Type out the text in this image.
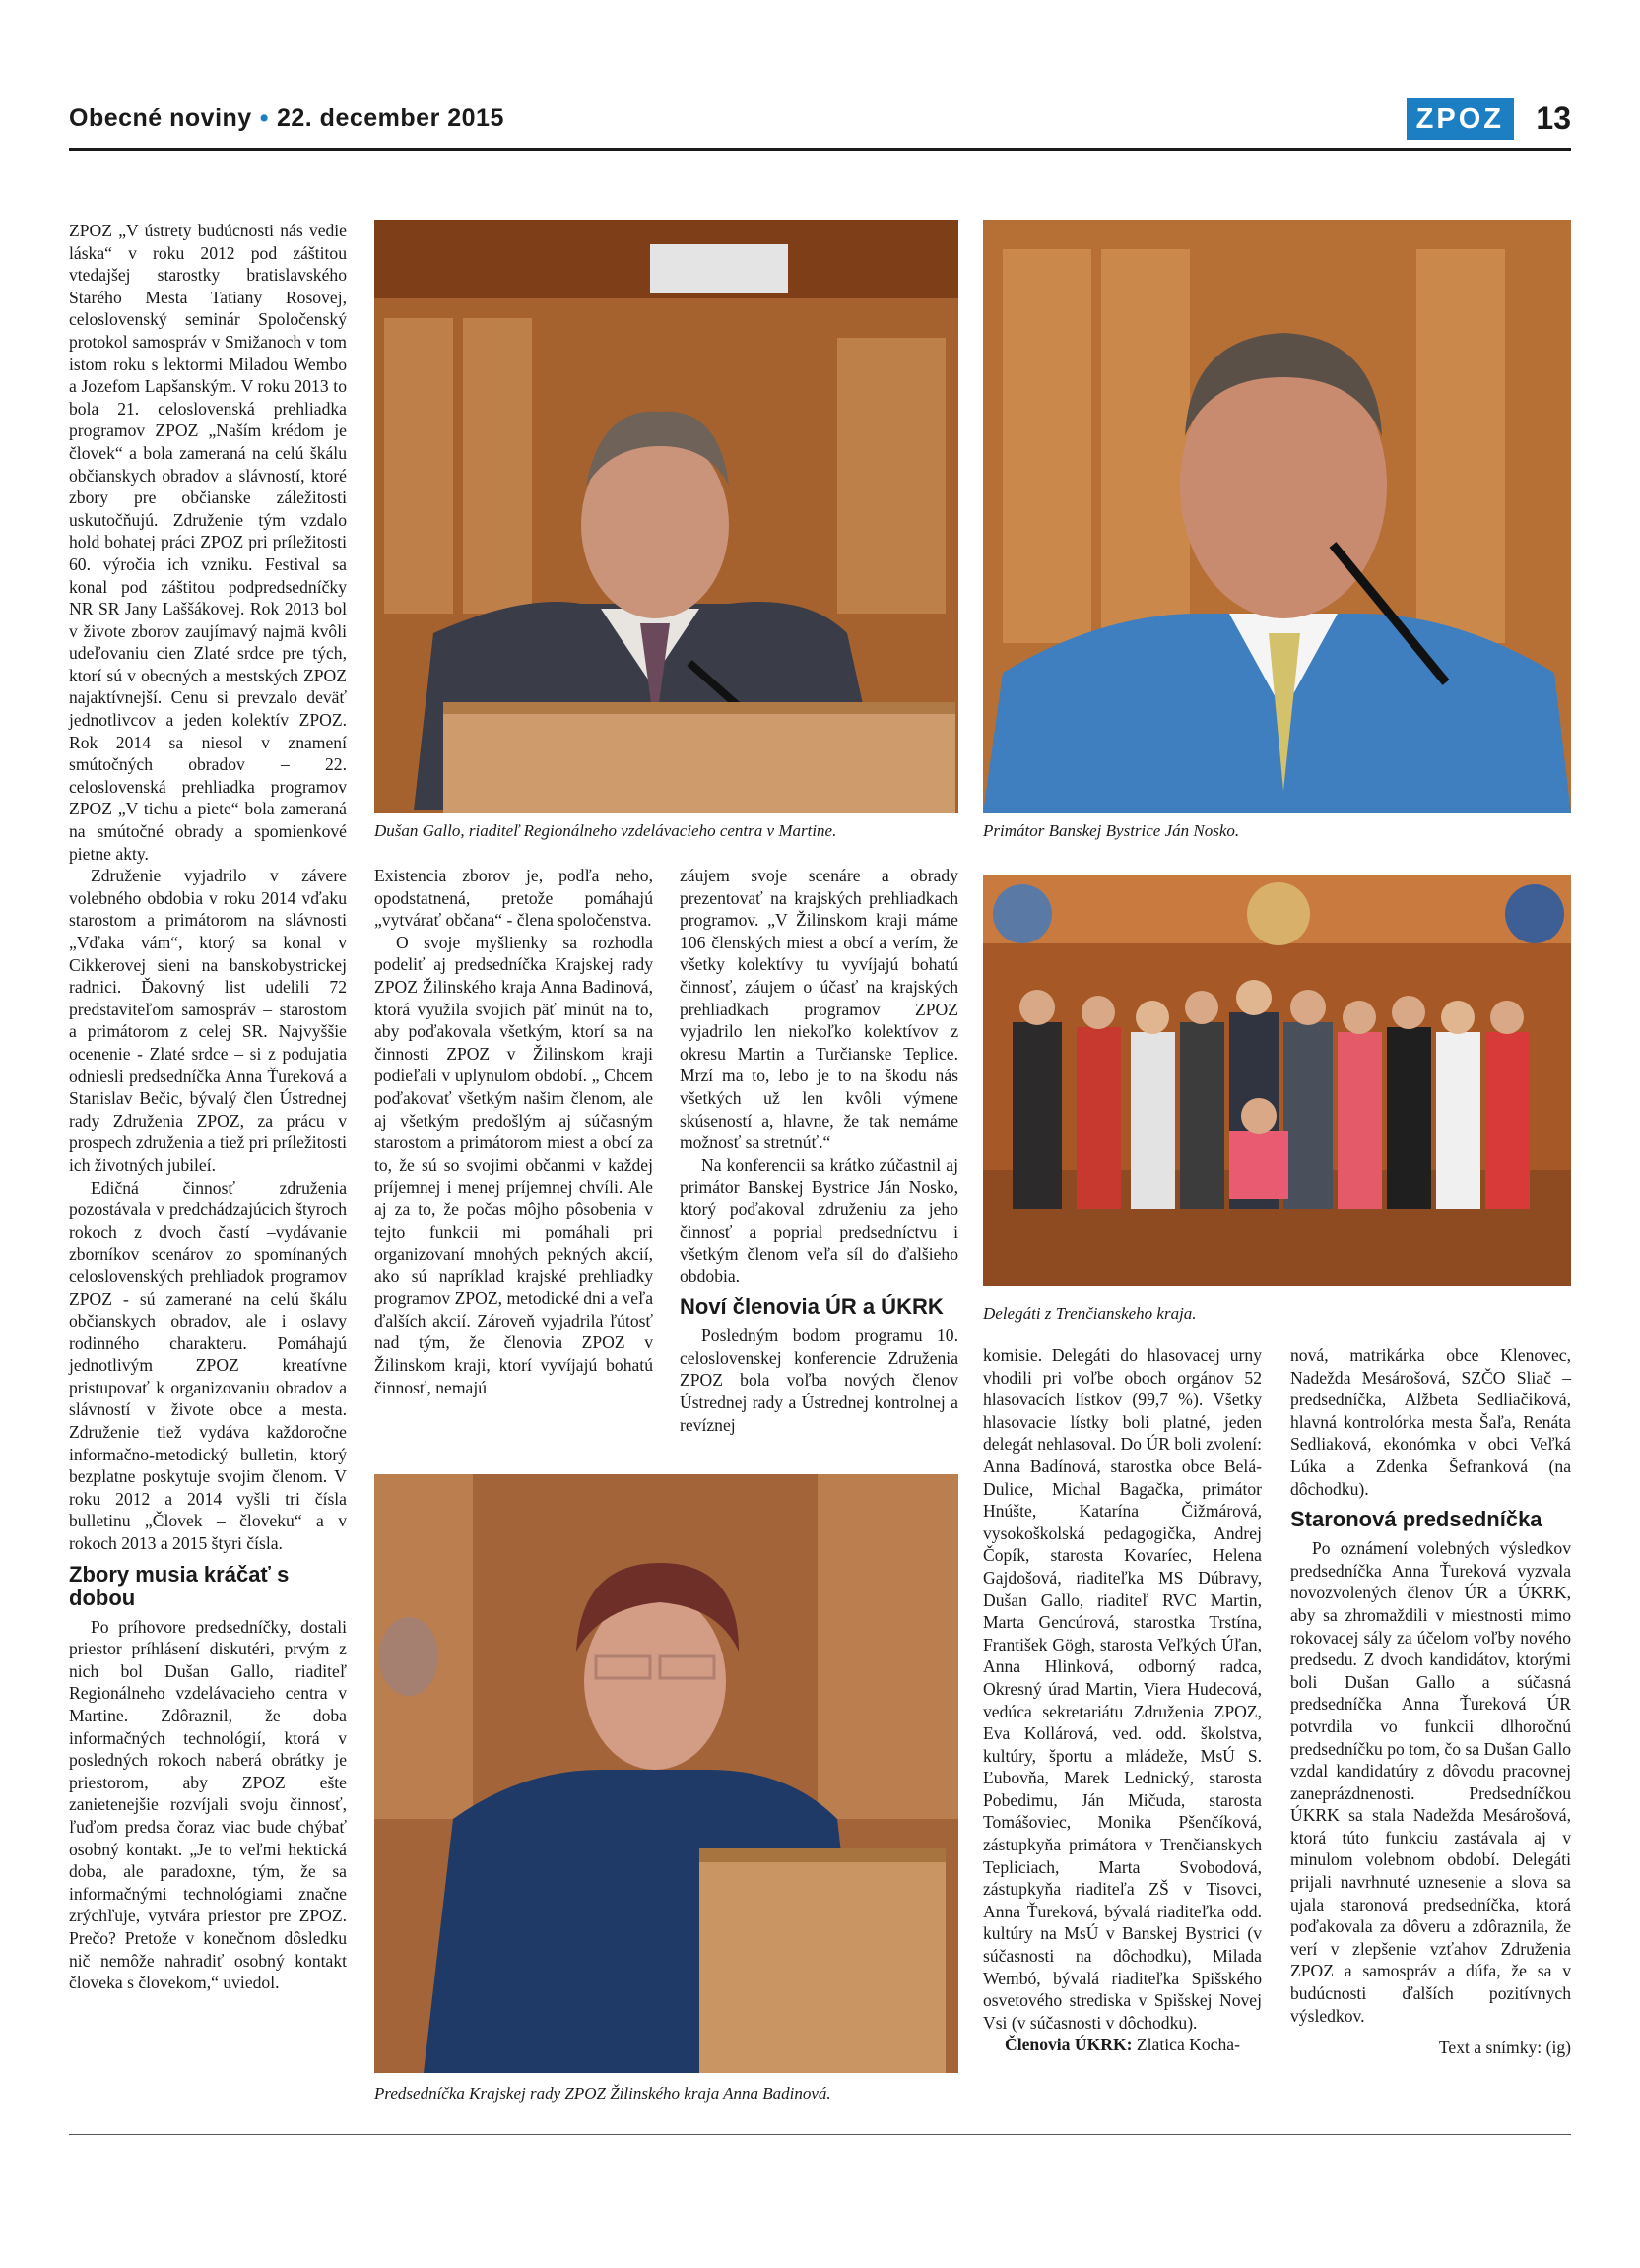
Obecné noviny • 22. december 2015	ZPOZ	13

ZPOZ „V ústrety budúcnosti nás vedie láska“ v roku 2012 pod záštitou vtedajšej starostky bratislavského Starého Mesta Tatiany Rosovej, celoslovenský seminár Spoločenský protokol samospráv v Smižanoch v tom istom roku s lektormi Miladou Wembo a Jozefom Lapšanským. V roku 2013 to bola 21. celoslovenská prehliadka programov ZPOZ „Naším krédom je človek“ a bola zameraná na celú škálu občianskych obradov a slávností, ktoré zbory pre občianske záležitosti uskutočňujú. Združenie tým vzdalo hold bohatej práci ZPOZ pri príležitosti 60. výročia ich vzniku. Festival sa konal pod záštitou podpredsedníčky NR SR Jany Laššákovej. Rok 2013 bol v živote zborov zaujímavý najmä kvôli udeľovaniu cien Zlaté srdce pre tých, ktorí sú v obecných a mestských ZPOZ najaktívnejší. Cenu si prevzalo deväť jednotlivcov a jeden kolektív ZPOZ. Rok 2014 sa niesol v znamení smútočných obradov – 22. celoslovenská prehliadka programov ZPOZ „V tichu a piete“ bola zameraná na smútočné obrady a spomienkové pietne akty.

Združenie vyjadrilo v závere volebného obdobia v roku 2014 vďaku starostom a primátorom na slávnosti „Vďaka vám“, ktorý sa konal v Cikkerovej sieni na banskobystrickej radnici. Ďakovný list udelili 72 predstaviteľom samospráv – starostom a primátorom z celej SR. Najvyššie ocenenie - Zlaté srdce – si z podujatia odniesli predsedníčka Anna Ťureková a Stanislav Bečic, bývalý člen Ústrednej rady Združenia ZPOZ, za prácu v prospech združenia a tiež pri príležitosti ich životných jubileí.

Edičná činnosť združenia pozostávala v predchádzajúcich štyroch rokoch z dvoch častí –vydávanie zborníkov scenárov zo spomínaných celoslovenských prehliadok programov ZPOZ - sú zamerané na celú škálu občianskych obradov, ale i oslavy rodinného charakteru. Pomáhajú jednotlivým ZPOZ kreatívne pristupovať k organizovaniu obradov a slávností v živote obce a mesta. Združenie tiež vydáva každoročne informačno-metodický bulletin, ktorý bezplatne poskytuje svojim členom. V roku 2012 a 2014 vyšli tri čísla bulletinu „Človek – človeku“ a v rokoch 2013 a 2015 štyri čísla.

Zbory musia kráčať s dobou

Po príhovore predsedníčky, dostali priestor príhlásení diskutéri, prvým z nich bol Dušan Gallo, riaditeľ Regionálneho vzdelávacieho centra v Martine. Zdôraznil, že doba informačných technológií, ktorá v posledných rokoch naberá obrátky je priestorom, aby ZPOZ ešte zanietenejšie rozvíjali svoju činnosť, ľuďom predsa čoraz viac bude chýbať osobný kontakt. „Je to veľmi hektická doba, ale paradoxne, tým, že sa informačnými technológiami značne zrýchľuje, vytvára priestor pre ZPOZ. Prečo? Pretože v konečnom dôsledku nič nemôže nahradiť osobný kontakt človeka s človekom,“ uviedol.

Dušan Gallo, riaditeľ Regionálneho vzdelávacieho centra v Martine.	Primátor Banskej Bystrice Ján Nosko.

Existencia zborov je, podľa neho, opodstatnená, pretože pomáhajú „vytvárať občana“ - člena spoločenstva.

O svoje myšlienky sa rozhodla podeliť aj predsedníčka Krajskej rady ZPOZ Žilinského kraja Anna Badinová, ktorá využila svojich päť minút na to, aby poďakovala všetkým, ktorí sa na činnosti ZPOZ v Žilinskom kraji podieľali v uplynulom období. „ Chcem poďakovať všetkým našim členom, ale aj všetkým predošlým aj súčasným starostom a primátorom miest a obcí za to, že sú so svojimi občanmi v každej príjemnej i menej príjemnej chvíli. Ale aj za to, že počas môjho pôsobenia v tejto funkcii mi pomáhali pri organizovaní mnohých pekných akcií, ako sú napríklad krajské prehliadky programov ZPOZ, metodické dni a veľa ďalších akcií. Zároveň vyjadrila ľútosť nad tým, že členovia ZPOZ v Žilinskom kraji, ktorí vyvíjajú bohatú činnosť, nemajú

záujem svoje scenáre a obrady prezentovať na krajských prehliadkach programov. „V Žilinskom kraji máme 106 členských miest a obcí a verím, že všetky kolektívy tu vyvíjajú bohatú činnosť, záujem o účasť na krajských prehliadkach programov ZPOZ vyjadrilo len niekoľko kolektívov z okresu Martin a Turčianske Teplice. Mrzí ma to, lebo je to na škodu nás všetkých už len kvôli výmene skúseností a, hlavne, že tak nemáme možnosť sa stretnúť.“

Na konferencii sa krátko zúčastnil aj primátor Banskej Bystrice Ján Nosko, ktorý poďakoval združeniu za jeho činnosť a poprial predsedníctvu i všetkým členom veľa síl do ďalšieho obdobia.

Noví členovia ÚR a ÚKRK

Posledným bodom programu 10. celoslovenskej konferencie Združenia ZPOZ bola voľba nových členov Ústrednej rady a Ústrednej kontrolnej a revíznej

Delegáti z Trenčianskeho kraja.
Predsedníčka Krajskej rady ZPOZ Žilinského kraja Anna Badinová.

komisie. Delegáti do hlasovacej urny vhodili pri voľbe oboch orgánov 52 hlasovacích lístkov (99,7 %). Všetky hlasovacie lístky boli platné, jeden delegát nehlasoval. Do ÚR boli zvolení: Anna Badínová, starostka obce Belá-Dulice, Michal Bagačka, primátor Hnúšte, Katarína Čižmárová, vysokoškolská pedagogička, Andrej Čopík, starosta Kovaríec, Helena Gajdošová, riaditeľka MS Dúbravy, Dušan Gallo, riaditeľ RVC Martin, Marta Gencúrová, starostka Trstína, František Gögh, starosta Veľkých Úľan, Anna Hlinková, odborný radca, Okresný úrad Martin, Viera Hudecová, vedúca sekretariátu Združenia ZPOZ, Eva Kollárová, ved. odd. školstva, kultúry, športu a mládeže, MsÚ S. Ľubovňa, Marek Lednický, starosta Pobedimu, Ján Mičuda, starosta Tomášoviec, Monika Pšenčíková, zástupkyňa primátora v Trenčianskych Tepliciach, Marta Svobodová, zástupkyňa riaditeľa ZŠ v Tisovci, Anna Ťureková, bývalá riaditeľka odd. kultúry na MsÚ v Banskej Bystrici (v súčasnosti na dôchodku), Milada Wembó, bývalá riaditeľka Spišského osvetového strediska v Spišskej Novej Vsi (v súčasnosti v dôchodku).

Členovia ÚKRK: Zlatica Kocha-

nová, matrikárka obce Klenovec, Nadežda Mesárošová, SZČO Sliač – predsedníčka, Alžbeta Sedliačiková, hlavná kontrolórka mesta Šaľa, Renáta Sedliaková, ekonómka v obci Veľká Lúka a Zdenka Šefranková (na dôchodku).

Staronová predsedníčka

Po oznámení volebných výsledkov predsedníčka Anna Ťureková vyzvala novozvolených členov ÚR a ÚKRK, aby sa zhromaždili v miestnosti mimo rokovacej sály za účelom voľby nového predsedu. Z dvoch kandidátov, ktorými boli Dušan Gallo a súčasná predsedníčka Anna Ťureková ÚR potvrdila vo funkcii dlhoročnú predsedníčku po tom, čo sa Dušan Gallo vzdal kandidatúry z dôvodu pracovnej zaneprázdnenosti. Predsedníčkou ÚKRK sa stala Nadežda Mesárošová, ktorá túto funkciu zastávala aj v minulom volebnom období. Delegáti prijali navrhnuté uznesenie a slova sa ujala staronová predsedníčka, ktorá poďakovala za dôveru a zdôraznila, že verí v zlepšenie vzťahov Združenia ZPOZ a samospráv a dúfa, že sa v budúcnosti ďalších pozitívnych výsledkov.

Text a snímky: (ig)
